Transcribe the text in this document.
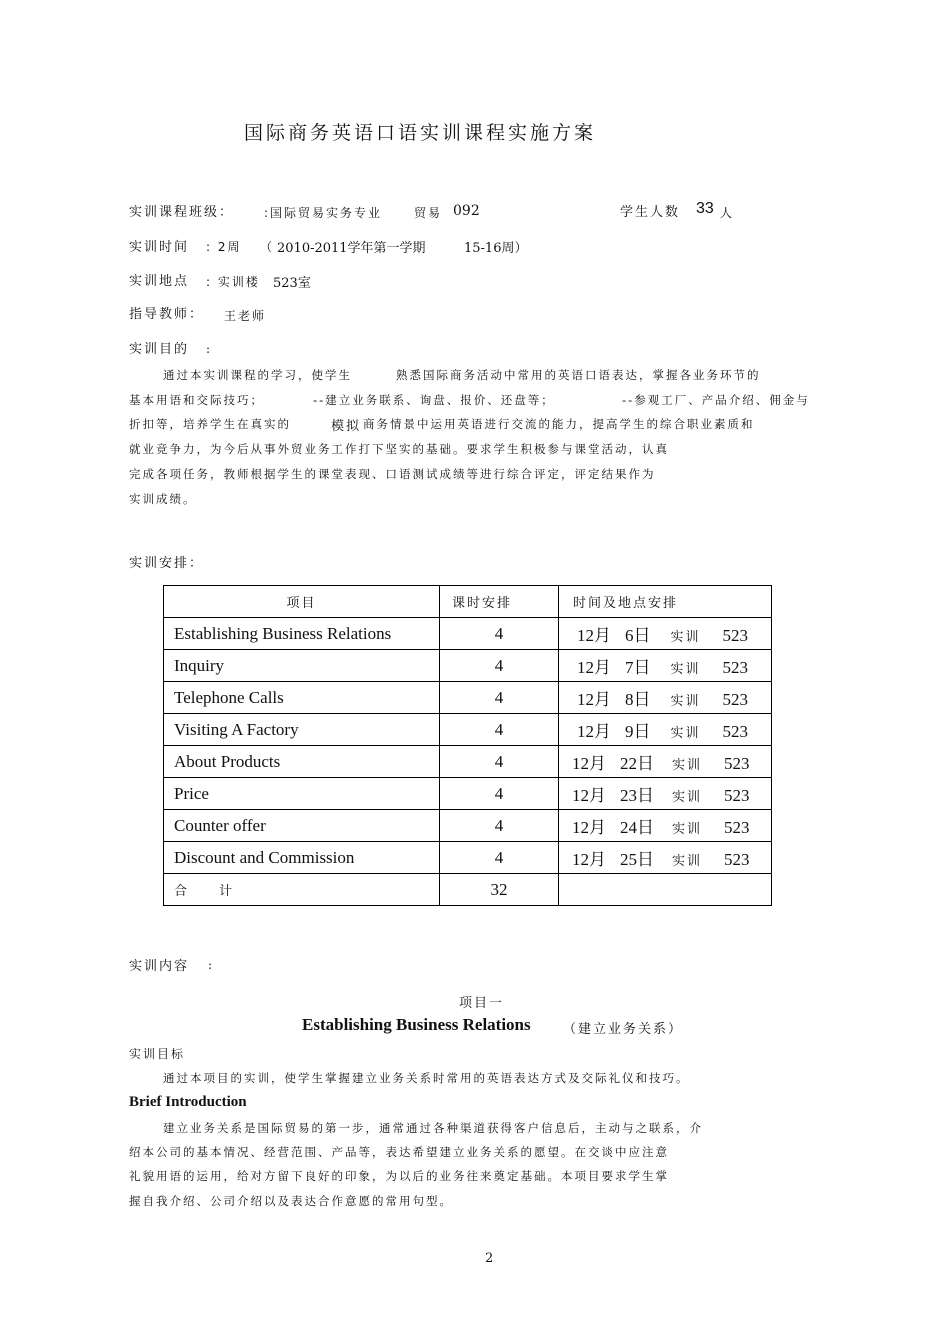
国际商务英语口语实训课程实施方案
实训课程班级： :国际贸易实务专业	贸易 092	学生人数 33 人
实训时间 : 2周 （ 2010-2011学年第一学期	15-16周）
实训地点 : 实训楼 523室
指导教师： 王老师
实训目的 :
通过本实训课程的学习，使学生	熟悉国际商务活动中常用的英语口语表达，掌握各业务环节的
基本用语和交际技巧；	--建立业务联系、询盘、报价、还盘等；	--参观工厂、产品介绍、佣金与
折扣等，培养学生在真实的	模拟 商务情景中运用英语进行交流的能力，提高学生的综合职业素质和
就业竞争力，为今后从事外贸业务工作打下坚实的基础。要求学生积极参与课堂活动，认真
完成各项任务，教师根据学生的课堂表现、口语测试成绩等进行综合评定，评定结果作为
实训成绩。
实训安排：
项目	课时安排	时间及地点安排
Establishing Business Relations	4	12月 6日 实训 523
Inquiry	4	12月 7日 实训 523
Telephone Calls	4	12月 8日 实训 523
Visiting A Factory	4	12月 9日 实训 523
About Products	4	12月 22日 实训 523
Price	4	12月 23日 实训 523
Counter offer	4	12月 24日 实训 523
Discount and Commission	4	12月 25日 实训 523
合　　计	32	
实训内容 :
项目一
Establishing Business Relations （建立业务关系）
实训目标
通过本项目的实训，使学生掌握建立业务关系时常用的英语表达方式及交际礼仪和技巧。
Brief Introduction
建立业务关系是国际贸易的第一步，通常通过各种渠道获得客户信息后，主动与之联系，介
绍本公司的基本情况、经营范围、产品等，表达希望建立业务关系的愿望。在交谈中应注意
礼貌用语的运用，给对方留下良好的印象，为以后的业务往来奠定基础。本项目要求学生掌
握自我介绍、公司介绍以及表达合作意愿的常用句型。
2
